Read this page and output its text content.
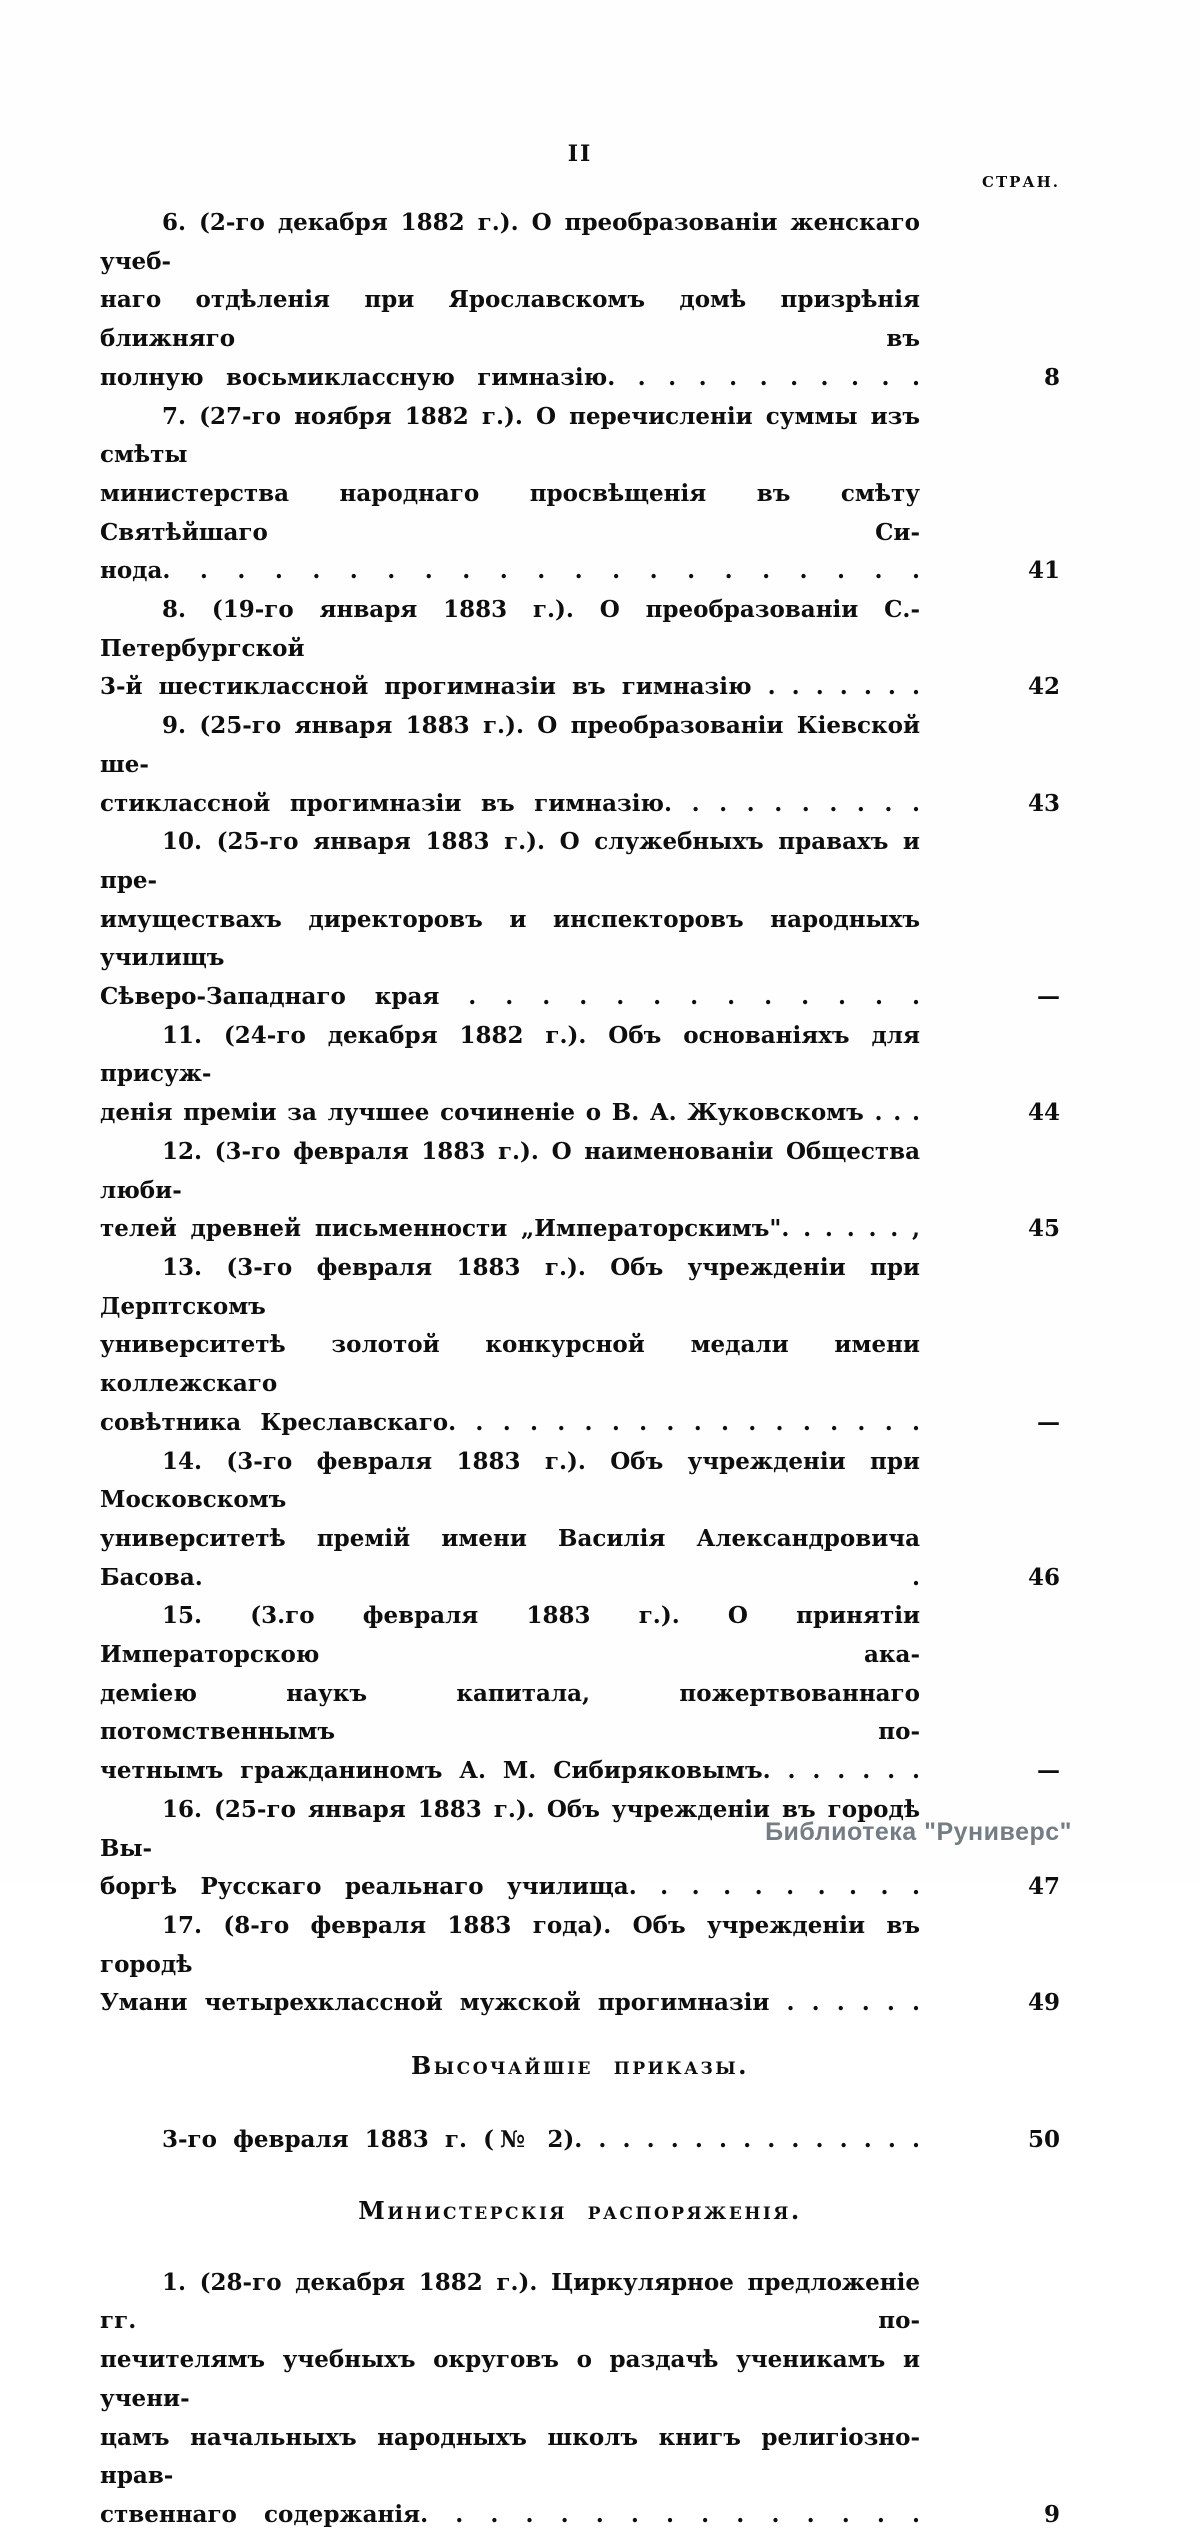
II
СТРАН.
6. (2-го декабря 1882 г.). О преобразованіи женскаго учеб-
наго отдѣленія при Ярославскомъ домѣ призрѣнія ближняго въ
полную восьмиклассную гимназію. . . . . . . . . . .	8
7. (27-го ноября 1882 г.). О перечисленіи суммы изъ смѣты
министерства народнаго просвѣщенія въ смѣту Святѣйшаго Си-
нода. . . . . . . . . . . . . . . . . . . . .	41
8. (19-го января 1883 г.). О преобразованіи С.-Петербургской
3-й шестиклассной прогимназіи въ гимназію . . . . . . .	42
9. (25-го января 1883 г.). О преобразованіи Кіевской ше-
стиклассной прогимназіи въ гимназію. . . . . . . . . .	43
10. (25-го января 1883 г.). О служебныхъ правахъ и пре-
имуществахъ директоровъ и инспекторовъ народныхъ училищъ
Сѣверо-Западнаго края . . . . . . . . . . . . .	—
11. (24-го декабря 1882 г.). Объ основаніяхъ для присуж-
денія преміи за лучшее сочиненіе о В. А. Жуковскомъ . . .	44
12. (3-го февраля 1883 г.). О наименованіи Общества люби-
телей древней письменности „Императорскимъ". . . . . . ,	45
13. (3-го февраля 1883 г.). Объ учрежденіи при Дерптскомъ
университетѣ золотой конкурсной медали имени коллежскаго
совѣтника Креславскаго. . . . . . . . . . . . . . . . . .	—
14. (3-го февраля 1883 г.). Объ учрежденіи при Московскомъ
университетѣ премій имени Василія Александровича Басова. .	46
15. (3.го февраля 1883 г.). О принятіи Императорскою ака-
деміею наукъ капитала, пожертвованнаго потомственнымъ по-
четнымъ гражданиномъ А. М. Сибиряковымъ. . . . . . .	—
16. (25-го января 1883 г.). Объ учрежденіи въ городѣ Вы-
боргѣ Русскаго реальнаго училища. . . . . . . . . .	47
17. (8-го февраля 1883 года). Объ учрежденіи въ городѣ
Умани четырехклассной мужской прогимназіи . . . . . .	49
Высочайшіе приказы.
3-го февраля 1883 г. (№ 2). . . . . . . . . . . . . . .	50
Министерскія распоряженія.
1. (28-го декабря 1882 г.). Циркулярное предложеніе гг. по-
печителямъ учебныхъ округовъ о раздачѣ ученикамъ и учени-
цамъ начальныхъ народныхъ школъ книгъ религіозно-нрав-
ственнаго содержанія. . . . . . . . . . . . . . .	9
Библиотека "Руниверс"
